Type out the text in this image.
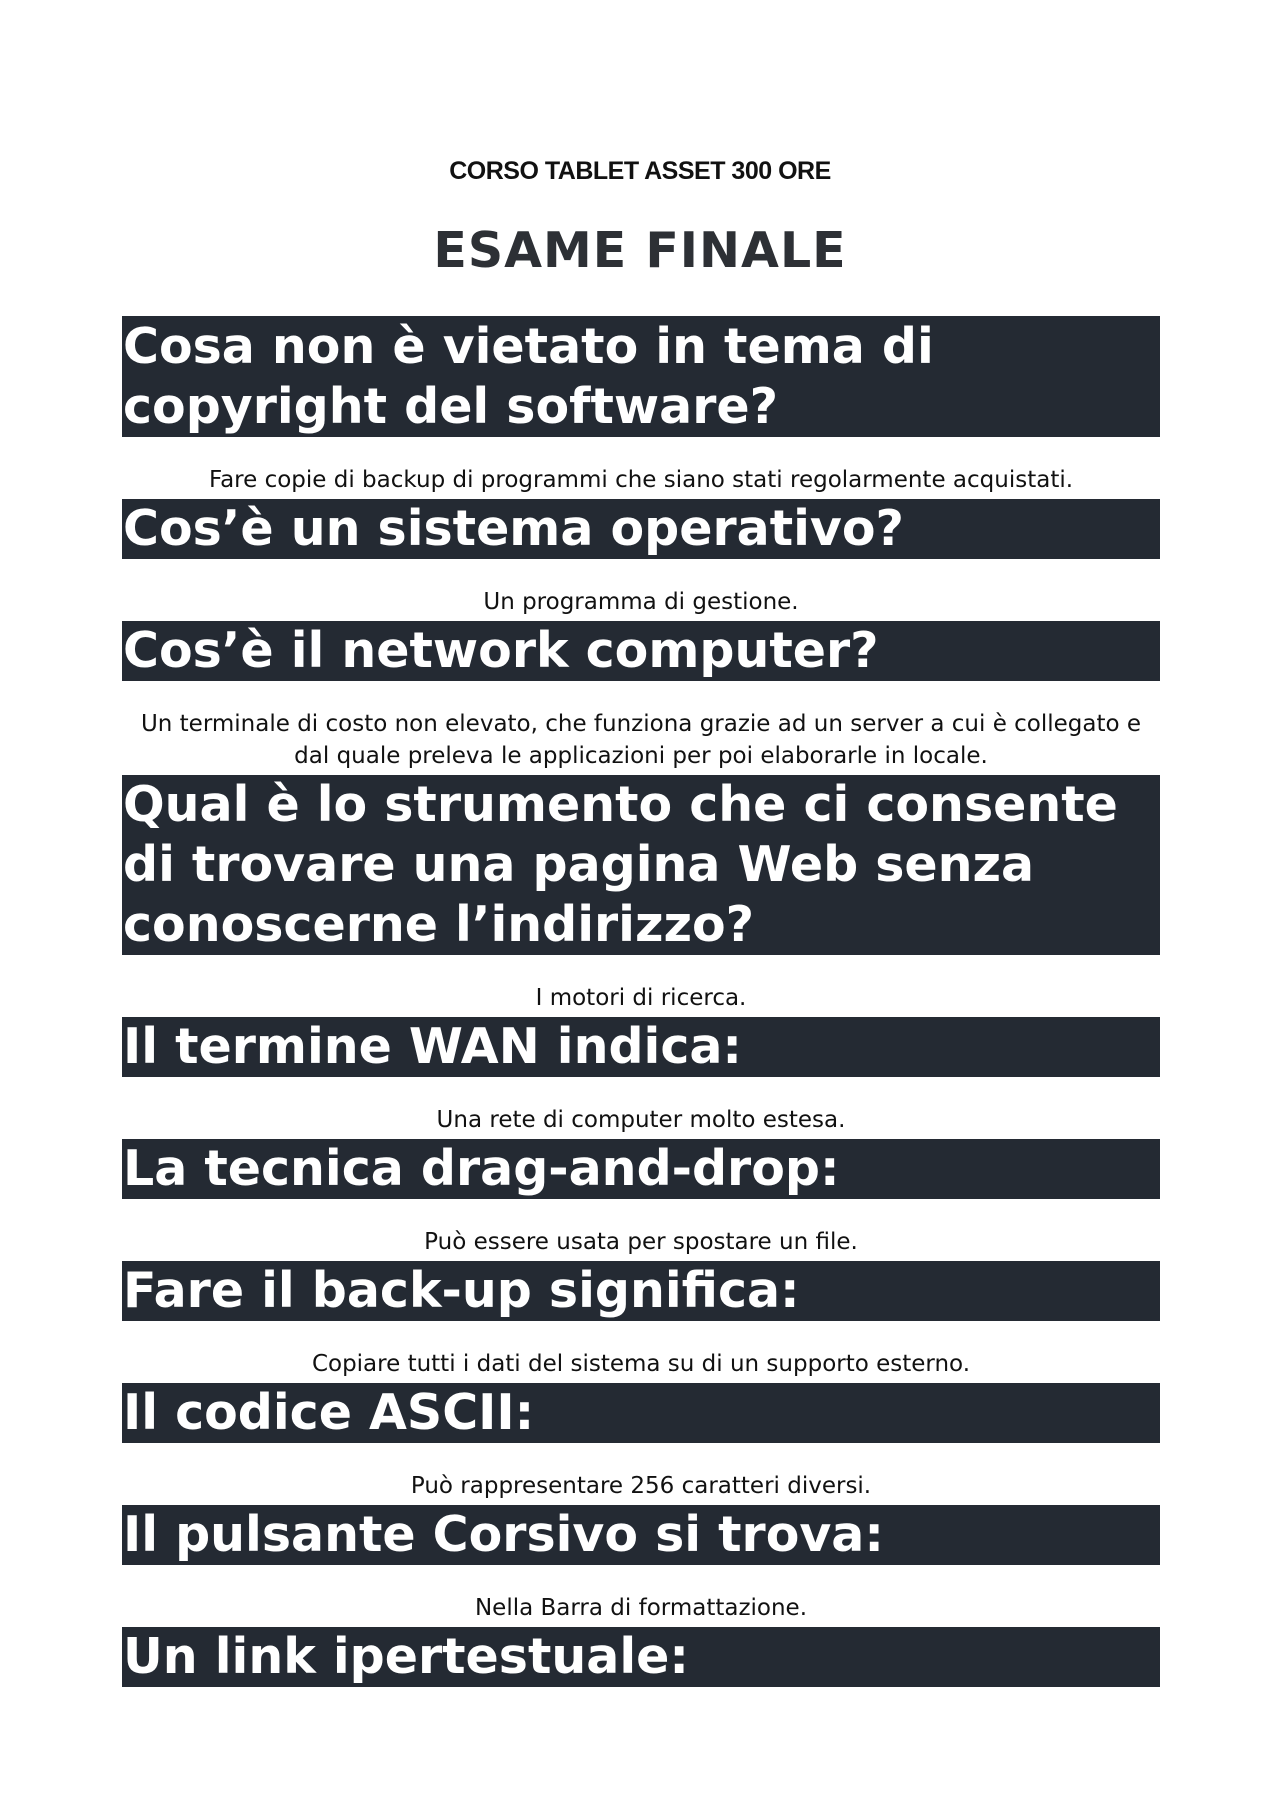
CORSO TABLET ASSET 300 ORE
ESAME FINALE
Cosa non è vietato in tema di copyright del software?

Fare copie di backup di programmi che siano stati regolarmente acquistati.

Cos’è un sistema operativo?

Un programma di gestione.

Cos’è il network computer?

Un terminale di costo non elevato, che funziona grazie ad un server a cui è collegato e dal quale preleva le applicazioni per poi elaborarle in locale.

Qual è lo strumento che ci consente di trovare una pagina Web senza conoscerne l’indirizzo?

I motori di ricerca.

Il termine WAN indica:

Una rete di computer molto estesa.

La tecnica drag-and-drop:

Può essere usata per spostare un file.

Fare il back-up significa:

Copiare tutti i dati del sistema su di un supporto esterno.

Il codice ASCII:

Può rappresentare 256 caratteri diversi.

Il pulsante Corsivo si trova:

Nella Barra di formattazione.

Un link ipertestuale:
